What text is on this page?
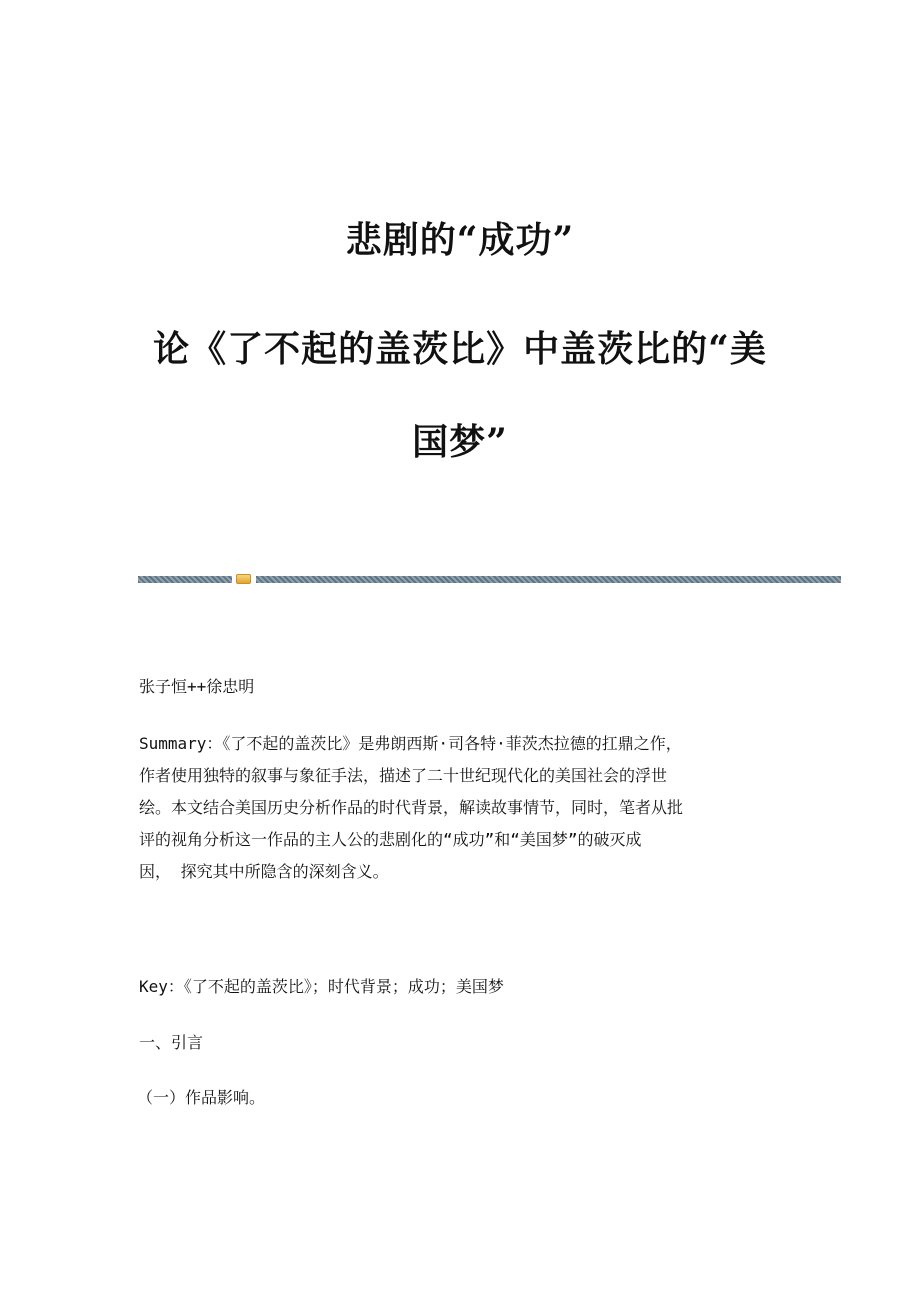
悲剧的“成功”
论《了不起的盖茨比》中盖茨比的“美
国梦”

张子恒++徐忠明

Summary：《了不起的盖茨比》是弗朗西斯·司各特·菲茨杰拉德的扛鼎之作，
作者使用独特的叙事与象征手法，描述了二十世纪现代化的美国社会的浮世
绘。本文结合美国历史分析作品的时代背景，解读故事情节，同时，笔者从批
评的视角分析这一作品的主人公的悲剧化的“成功”和“美国梦”的破灭成
因， 探究其中所隐含的深刻含义。

Key：《了不起的盖茨比》；时代背景；成功；美国梦

一、引言

（一）作品影响。
